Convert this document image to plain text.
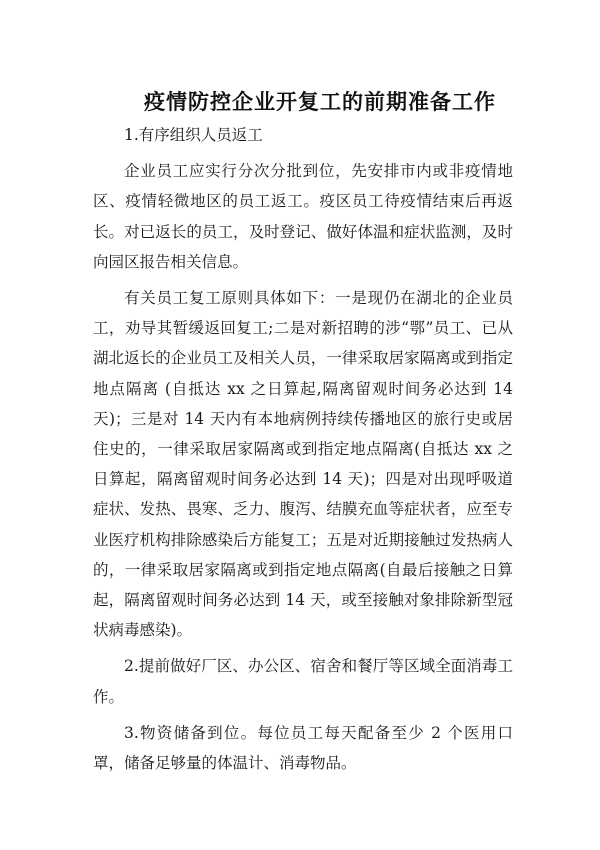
疫情防控企业开复工的前期准备工作

1.有序组织人员返工

企业员工应实行分次分批到位，先安排市内或非疫情地区、疫情轻微地区的员工返工。疫区员工待疫情结束后再返长。对已返长的员工，及时登记、做好体温和症状监测，及时向园区报告相关信息。

有关员工复工原则具体如下：一是现仍在湖北的企业员工，劝导其暂缓返回复工;二是对新招聘的涉“鄂”员工、已从湖北返长的企业员工及相关人员，一律采取居家隔离或到指定地点隔离 (自抵达 xx 之日算起,隔离留观时间务必达到 14 天)；三是对 14 天内有本地病例持续传播地区的旅行史或居住史的，一律采取居家隔离或到指定地点隔离(自抵达 xx 之日算起，隔离留观时间务必达到 14 天)；四是对出现呼吸道症状、发热、畏寒、乏力、腹泻、结膜充血等症状者，应至专业医疗机构排除感染后方能复工；五是对近期接触过发热病人的，一律采取居家隔离或到指定地点隔离(自最后接触之日算起，隔离留观时间务必达到 14 天，或至接触对象排除新型冠状病毒感染)。

2.提前做好厂区、办公区、宿舍和餐厅等区域全面消毒工作。

3.物资储备到位。每位员工每天配备至少 2 个医用口罩，储备足够量的体温计、消毒物品。
